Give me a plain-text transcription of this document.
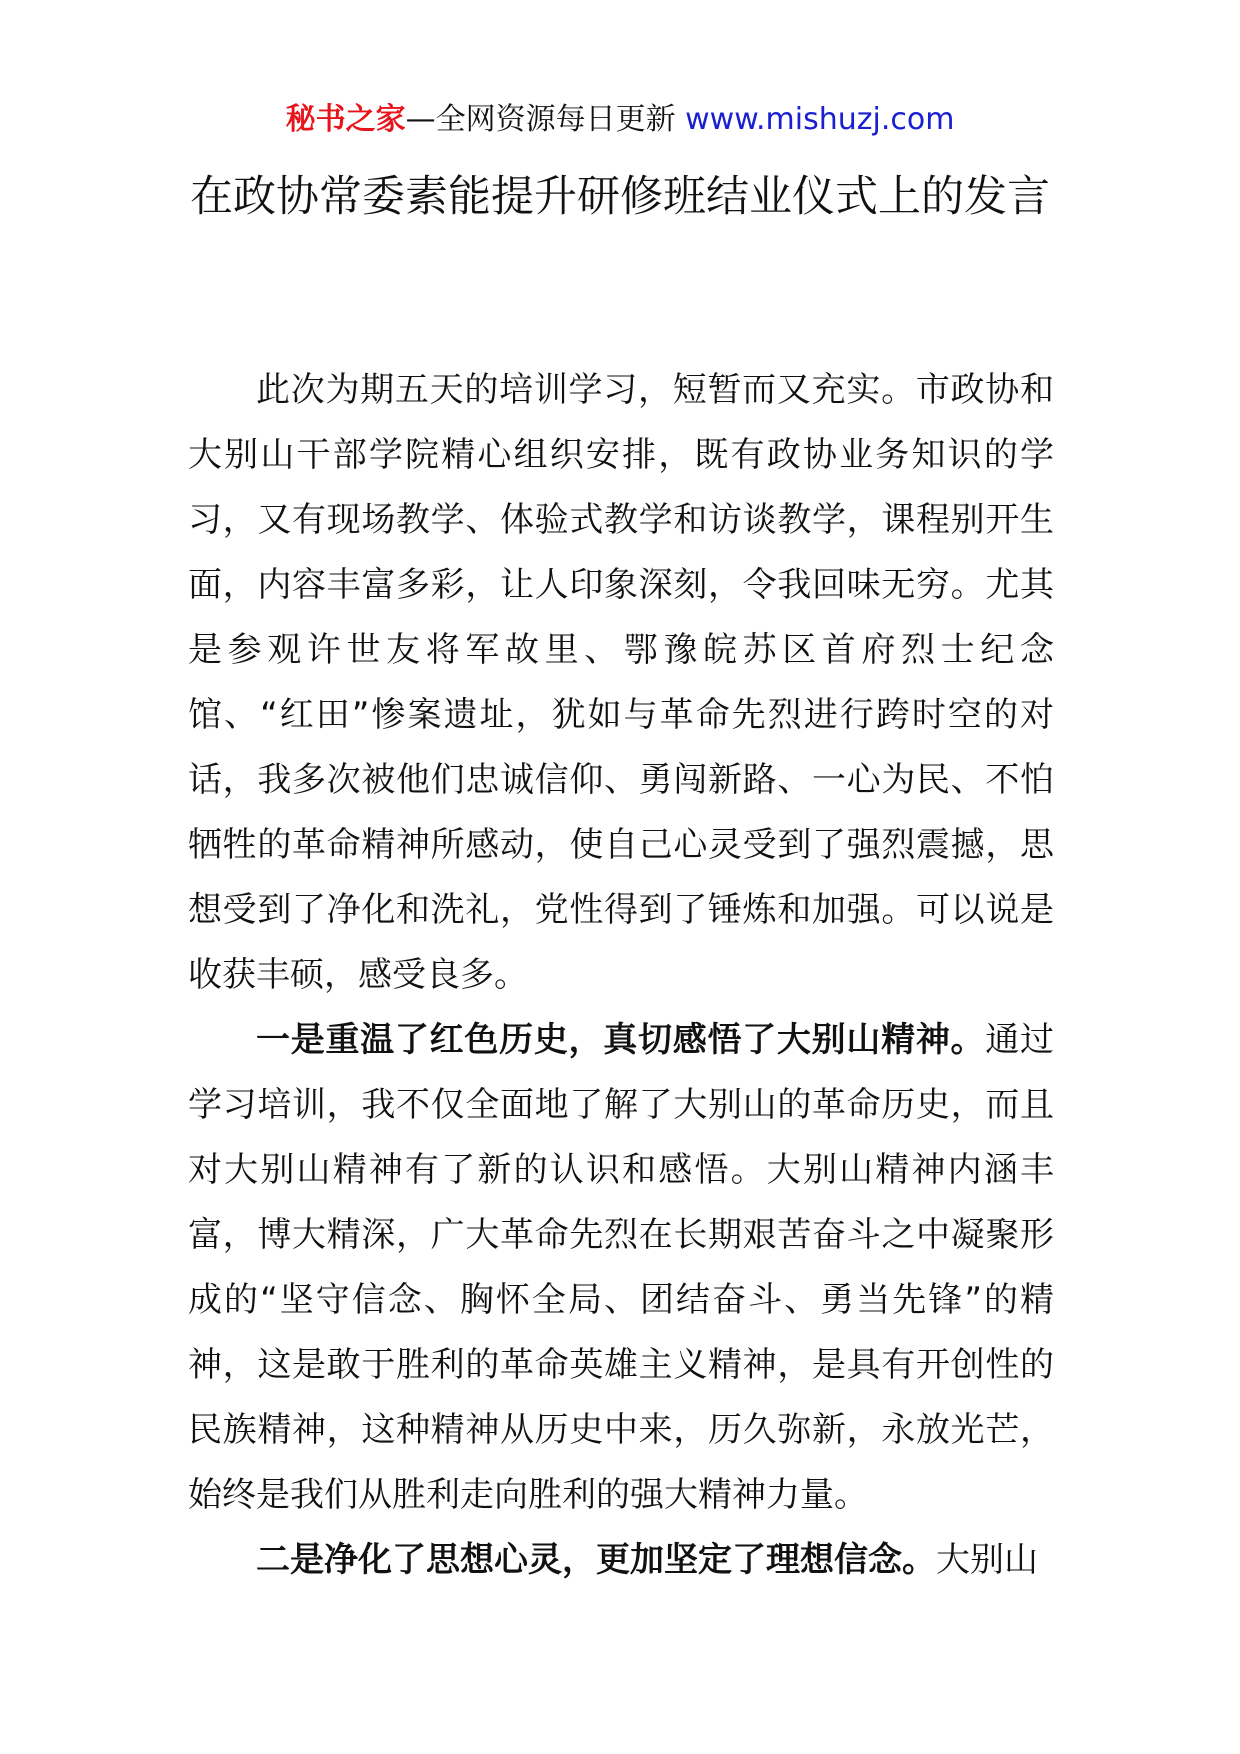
秘书之家—全网资源每日更新 www.mishuzj.com
在政协常委素能提升研修班结业仪式上的发言

此次为期五天的培训学习，短暂而又充实。市政协和大别山干部学院精心组织安排，既有政协业务知识的学习，又有现场教学、体验式教学和访谈教学，课程别开生面，内容丰富多彩，让人印象深刻，令我回味无穷。尤其是参观许世友将军故里、鄂豫皖苏区首府烈士纪念馆、“红田”惨案遗址，犹如与革命先烈进行跨时空的对话，我多次被他们忠诚信仰、勇闯新路、一心为民、不怕牺牲的革命精神所感动，使自己心灵受到了强烈震撼，思想受到了净化和洗礼，党性得到了锤炼和加强。可以说是收获丰硕，感受良多。

一是重温了红色历史，真切感悟了大别山精神。通过学习培训，我不仅全面地了解了大别山的革命历史，而且对大别山精神有了新的认识和感悟。大别山精神内涵丰富，博大精深，广大革命先烈在长期艰苦奋斗之中凝聚形成的“坚守信念、胸怀全局、团结奋斗、勇当先锋”的精神，这是敢于胜利的革命英雄主义精神，是具有开创性的民族精神，这种精神从历史中来，历久弥新，永放光芒，始终是我们从胜利走向胜利的强大精神力量。

二是净化了思想心灵，更加坚定了理想信念。大别山
